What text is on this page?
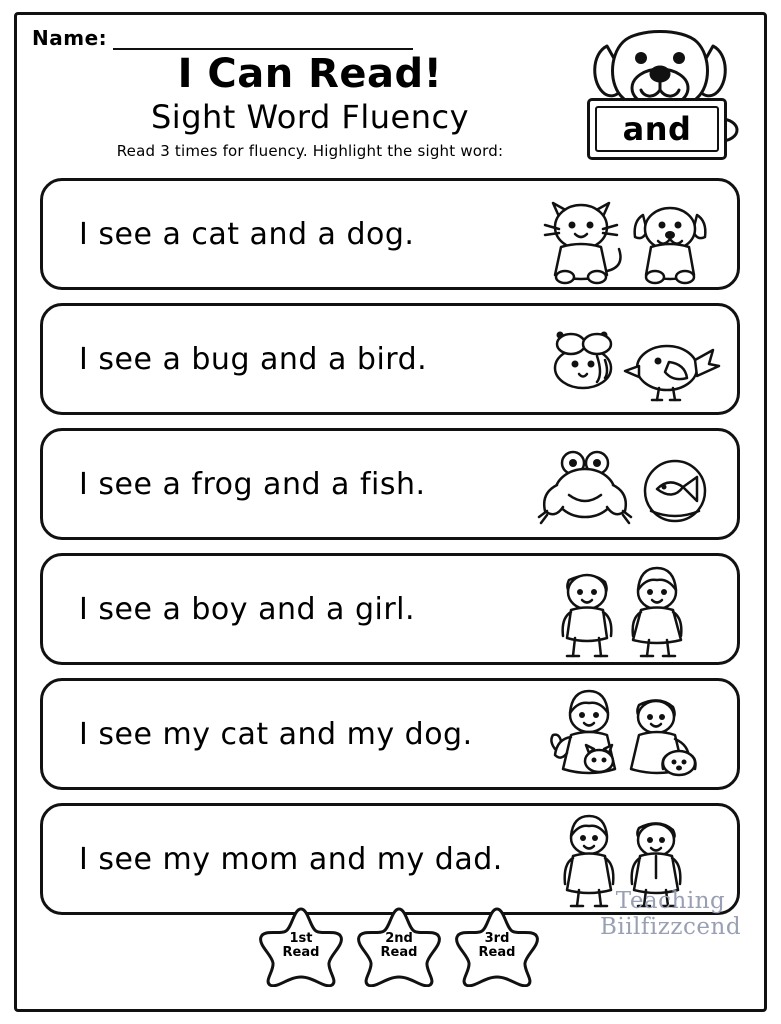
Name:
I Can Read!
Sight Word Fluency
Read 3 times for fluency. Highlight the sight word:
and
I see a cat and a dog.
I see a bug and a bird.
I see a frog and a fish.
I see a boy and a girl.
I see my cat and my dog.
I see my mom and my dad.
1st
Read
2nd
Read
3rd
Read
Teaching
Biilfizzcend
